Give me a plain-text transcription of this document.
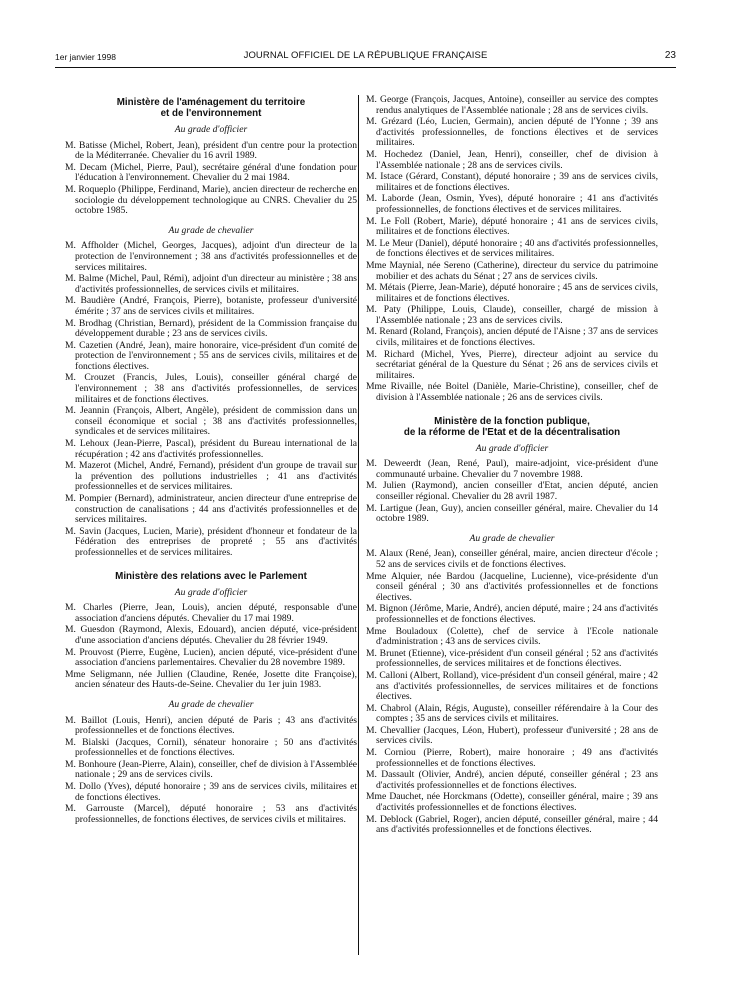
1er janvier 1998	JOURNAL OFFICIEL DE LA RÉPUBLIQUE FRANÇAISE	23
Ministère de l'aménagement du territoire
et de l'environnement
Au grade d'officier
M. Batisse (Michel, Robert, Jean), président d'un centre pour la protection de la Méditerranée. Chevalier du 16 avril 1989.
M. Decam (Michel, Pierre, Paul), secrétaire général d'une fondation pour l'éducation à l'environnement. Chevalier du 2 mai 1984.
M. Roqueplo (Philippe, Ferdinand, Marie), ancien directeur de recherche en sociologie du développement technologique au CNRS. Chevalier du 25 octobre 1985.
Au grade de chevalier
M. Affholder (Michel, Georges, Jacques), adjoint d'un directeur de la protection de l'environnement ; 38 ans d'activités professionnelles et de services militaires.
M. Balme (Michel, Paul, Rémi), adjoint d'un directeur au ministère ; 38 ans d'activités professionnelles, de services civils et militaires.
M. Baudière (André, François, Pierre), botaniste, professeur d'université émérite ; 37 ans de services civils et militaires.
M. Brodhag (Christian, Bernard), président de la Commission française du développement durable ; 23 ans de services civils.
M. Cazetien (André, Jean), maire honoraire, vice-président d'un comité de protection de l'environnement ; 55 ans de services civils, militaires et de fonctions électives.
M. Crouzet (Francis, Jules, Louis), conseiller général chargé de l'environnement ; 38 ans d'activités professionnelles, de services militaires et de fonctions électives.
M. Jeannin (François, Albert, Angèle), président de commission dans un conseil économique et social ; 38 ans d'activités professionnelles, syndicales et de services militaires.
M. Lehoux (Jean-Pierre, Pascal), président du Bureau international de la récupération ; 42 ans d'activités professionnelles.
M. Mazerot (Michel, André, Fernand), président d'un groupe de travail sur la prévention des pollutions industrielles ; 41 ans d'activités professionnelles et de services militaires.
M. Pompier (Bernard), administrateur, ancien directeur d'une entreprise de construction de canalisations ; 44 ans d'activités professionnelles et de services militaires.
M. Savin (Jacques, Lucien, Marie), président d'honneur et fondateur de la Fédération des entreprises de propreté ; 55 ans d'activités professionnelles et de services militaires.
Ministère des relations avec le Parlement
Au grade d'officier
M. Charles (Pierre, Jean, Louis), ancien député, responsable d'une association d'anciens députés. Chevalier du 17 mai 1989.
M. Guesdon (Raymond, Alexis, Edouard), ancien député, vice-président d'une association d'anciens députés. Chevalier du 28 février 1949.
M. Prouvost (Pierre, Eugène, Lucien), ancien député, vice-président d'une association d'anciens parlementaires. Chevalier du 28 novembre 1989.
Mme Seligmann, née Jullien (Claudine, Renée, Josette dite Françoise), ancien sénateur des Hauts-de-Seine. Chevalier du 1er juin 1983.
Au grade de chevalier
M. Baillot (Louis, Henri), ancien député de Paris ; 43 ans d'activités professionnelles et de fonctions électives.
M. Bialski (Jacques, Cornil), sénateur honoraire ; 50 ans d'activités professionnelles et de fonctions électives.
M. Bonhoure (Jean-Pierre, Alain), conseiller, chef de division à l'Assemblée nationale ; 29 ans de services civils.
M. Dollo (Yves), député honoraire ; 39 ans de services civils, militaires et de fonctions électives.
M. Garrouste (Marcel), député honoraire ; 53 ans d'activités professionnelles, de fonctions électives, de services civils et militaires.
M. George (François, Jacques, Antoine), conseiller au service des comptes rendus analytiques de l'Assemblée nationale ; 28 ans de services civils.
M. Grézard (Léo, Lucien, Germain), ancien député de l'Yonne ; 39 ans d'activités professionnelles, de fonctions électives et de services militaires.
M. Hochedez (Daniel, Jean, Henri), conseiller, chef de division à l'Assemblée nationale ; 28 ans de services civils.
M. Istace (Gérard, Constant), député honoraire ; 39 ans de services civils, militaires et de fonctions électives.
M. Laborde (Jean, Osmin, Yves), député honoraire ; 41 ans d'activités professionnelles, de fonctions électives et de services militaires.
M. Le Foll (Robert, Marie), député honoraire ; 41 ans de services civils, militaires et de fonctions électives.
M. Le Meur (Daniel), député honoraire ; 40 ans d'activités professionnelles, de fonctions électives et de services militaires.
Mme Maynial, née Sereno (Catherine), directeur du service du patrimoine mobilier et des achats du Sénat ; 27 ans de services civils.
M. Métais (Pierre, Jean-Marie), député honoraire ; 45 ans de services civils, militaires et de fonctions électives.
M. Paty (Philippe, Louis, Claude), conseiller, chargé de mission à l'Assemblée nationale ; 23 ans de services civils.
M. Renard (Roland, François), ancien député de l'Aisne ; 37 ans de services civils, militaires et de fonctions électives.
M. Richard (Michel, Yves, Pierre), directeur adjoint au service du secrétariat général de la Questure du Sénat ; 26 ans de services civils et militaires.
Mme Rivaille, née Boitel (Danièle, Marie-Christine), conseiller, chef de division à l'Assemblée nationale ; 26 ans de services civils.
Ministère de la fonction publique,
de la réforme de l'Etat et de la décentralisation
Au grade d'officier
M. Deweerdt (Jean, René, Paul), maire-adjoint, vice-président d'une communauté urbaine. Chevalier du 7 novembre 1988.
M. Julien (Raymond), ancien conseiller d'Etat, ancien député, ancien conseiller régional. Chevalier du 28 avril 1987.
M. Lartigue (Jean, Guy), ancien conseiller général, maire. Chevalier du 14 octobre 1989.
Au grade de chevalier
M. Alaux (René, Jean), conseiller général, maire, ancien directeur d'école ; 52 ans de services civils et de fonctions électives.
Mme Alquier, née Bardou (Jacqueline, Lucienne), vice-présidente d'un conseil général ; 30 ans d'activités professionnelles et de fonctions électives.
M. Bignon (Jérôme, Marie, André), ancien député, maire ; 24 ans d'activités professionnelles et de fonctions électives.
Mme Bouladoux (Colette), chef de service à l'Ecole nationale d'administration ; 43 ans de services civils.
M. Brunet (Etienne), vice-président d'un conseil général ; 52 ans d'activités professionnelles, de services militaires et de fonctions électives.
M. Calloni (Albert, Rolland), vice-président d'un conseil général, maire ; 42 ans d'activités professionnelles, de services militaires et de fonctions électives.
M. Chabrol (Alain, Régis, Auguste), conseiller référendaire à la Cour des comptes ; 35 ans de services civils et militaires.
M. Chevallier (Jacques, Léon, Hubert), professeur d'université ; 28 ans de services civils.
M. Corniou (Pierre, Robert), maire honoraire ; 49 ans d'activités professionnelles et de fonctions électives.
M. Dassault (Olivier, André), ancien député, conseiller général ; 23 ans d'activités professionnelles et de fonctions électives.
Mme Dauchet, née Horckmans (Odette), conseiller général, maire ; 39 ans d'activités professionnelles et de fonctions électives.
M. Deblock (Gabriel, Roger), ancien député, conseiller général, maire ; 44 ans d'activités professionnelles et de fonctions électives.
